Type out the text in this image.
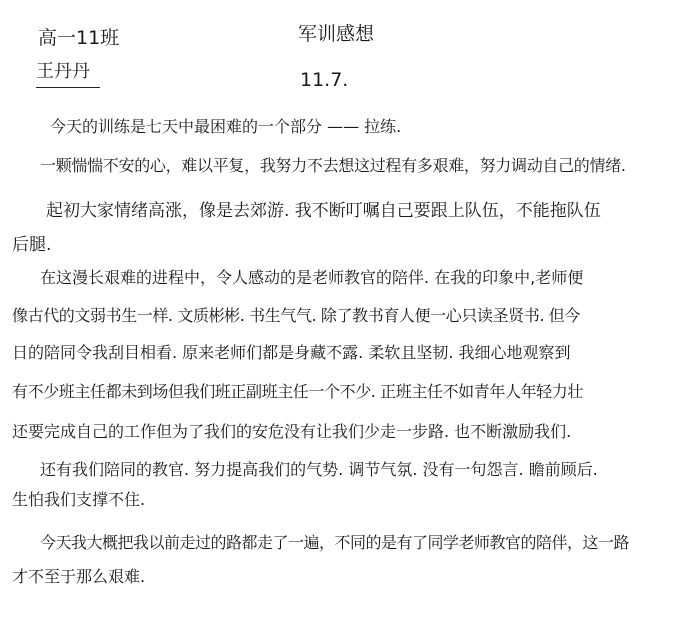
高一11班	军训感想
王丹丹	11.7.
今天的训练是七天中最困难的一个部分 —— 拉练.
一颗惴惴不安的心，难以平复，我努力不去想这过程有多艰难，努力调动自己的情绪.
起初大家情绪高涨，像是去郊游. 我不断叮嘱自己要跟上队伍，不能拖队伍
后腿.
在这漫长艰难的进程中，令人感动的是老师教官的陪伴. 在我的印象中,老师便
像古代的文弱书生一样. 文质彬彬. 书生气气. 除了教书育人便一心只读圣贤书. 但今
日的陪同令我刮目相看. 原来老师们都是身藏不露. 柔软且坚韧. 我细心地观察到
有不少班主任都未到场但我们班正副班主任一个不少. 正班主任不如青年人年轻力壮
还要完成自己的工作但为了我们的安危没有让我们少走一步路. 也不断激励我们.
还有我们陪同的教官. 努力提高我们的气势. 调节气氛. 没有一句怨言. 瞻前顾后.
生怕我们支撑不住.
今天我大概把我以前走过的路都走了一遍，不同的是有了同学老师教官的陪伴，这一路
才不至于那么艰难.
